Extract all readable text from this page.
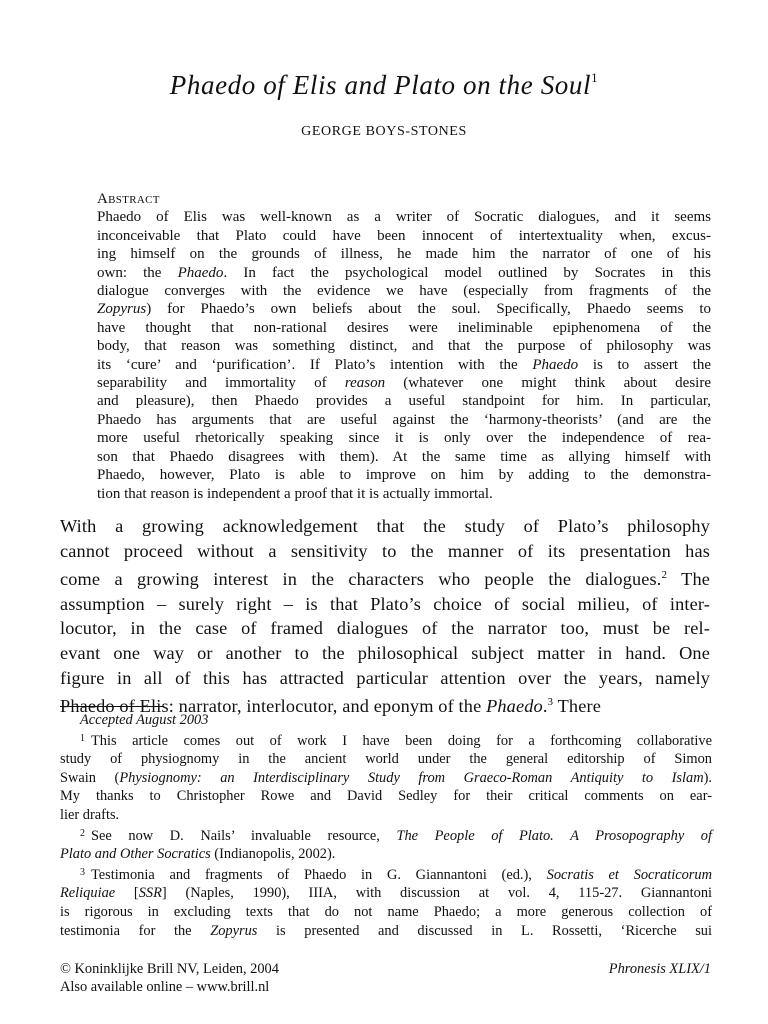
Phaedo of Elis and Plato on the Soul$^1$
GEORGE BOYS-STONES
Abstract
Phaedo of Elis was well-known as a writer of Socratic dialogues, and it seems
inconceivable that Plato could have been innocent of intertextuality when, excus-
ing himself on the grounds of illness, he made him the narrator of one of his
own: the Phaedo. In fact the psychological model outlined by Socrates in this
dialogue converges with the evidence we have (especially from fragments of the
Zopyrus) for Phaedo’s own beliefs about the soul. Specifically, Phaedo seems to
have thought that non-rational desires were ineliminable epiphenomena of the
body, that reason was something distinct, and that the purpose of philosophy was
its ‘cure’ and ‘purification’. If Plato’s intention with the Phaedo is to assert the
separability and immortality of reason (whatever one might think about desire
and pleasure), then Phaedo provides a useful standpoint for him. In particular,
Phaedo has arguments that are useful against the ‘harmony-theorists’ (and are the
more useful rhetorically speaking since it is only over the independence of rea-
son that Phaedo disagrees with them). At the same time as allying himself with
Phaedo, however, Plato is able to improve on him by adding to the demonstra-
tion that reason is independent a proof that it is actually immortal.
With a growing acknowledgement that the study of Plato’s philosophy
cannot proceed without a sensitivity to the manner of its presentation has
come a growing interest in the characters who people the dialogues.$^2$ The
assumption – surely right – is that Plato’s choice of social milieu, of inter-
locutor, in the case of framed dialogues of the narrator too, must be rel-
evant one way or another to the philosophical subject matter in hand. One
figure in all of this has attracted particular attention over the years, namely
Phaedo of Elis: narrator, interlocutor, and eponym of the Phaedo.$^3$ There
Accepted August 2003
$^1$ This article comes out of work I have been doing for a forthcoming collaborative
study of physiognomy in the ancient world under the general editorship of Simon
Swain (Physiognomy: an Interdisciplinary Study from Graeco-Roman Antiquity to Islam).
My thanks to Christopher Rowe and David Sedley for their critical comments on ear-
lier drafts.
$^2$ See now D. Nails’ invaluable resource, The People of Plato. A Prosopography of
Plato and Other Socratics (Indianopolis, 2002).
$^3$ Testimonia and fragments of Phaedo in G. Giannantoni (ed.), Socratis et Socraticorum
Reliquiae [SSR] (Naples, 1990), IIIA, with discussion at vol. 4, 115-27. Giannantoni
is rigorous in excluding texts that do not name Phaedo; a more generous collection of
testimonia for the Zopyrus is presented and discussed in L. Rossetti, ‘Ricerche sui
© Koninklijke Brill NV, Leiden, 2004
Also available online – www.brill.nl
Phronesis XLIX/1
